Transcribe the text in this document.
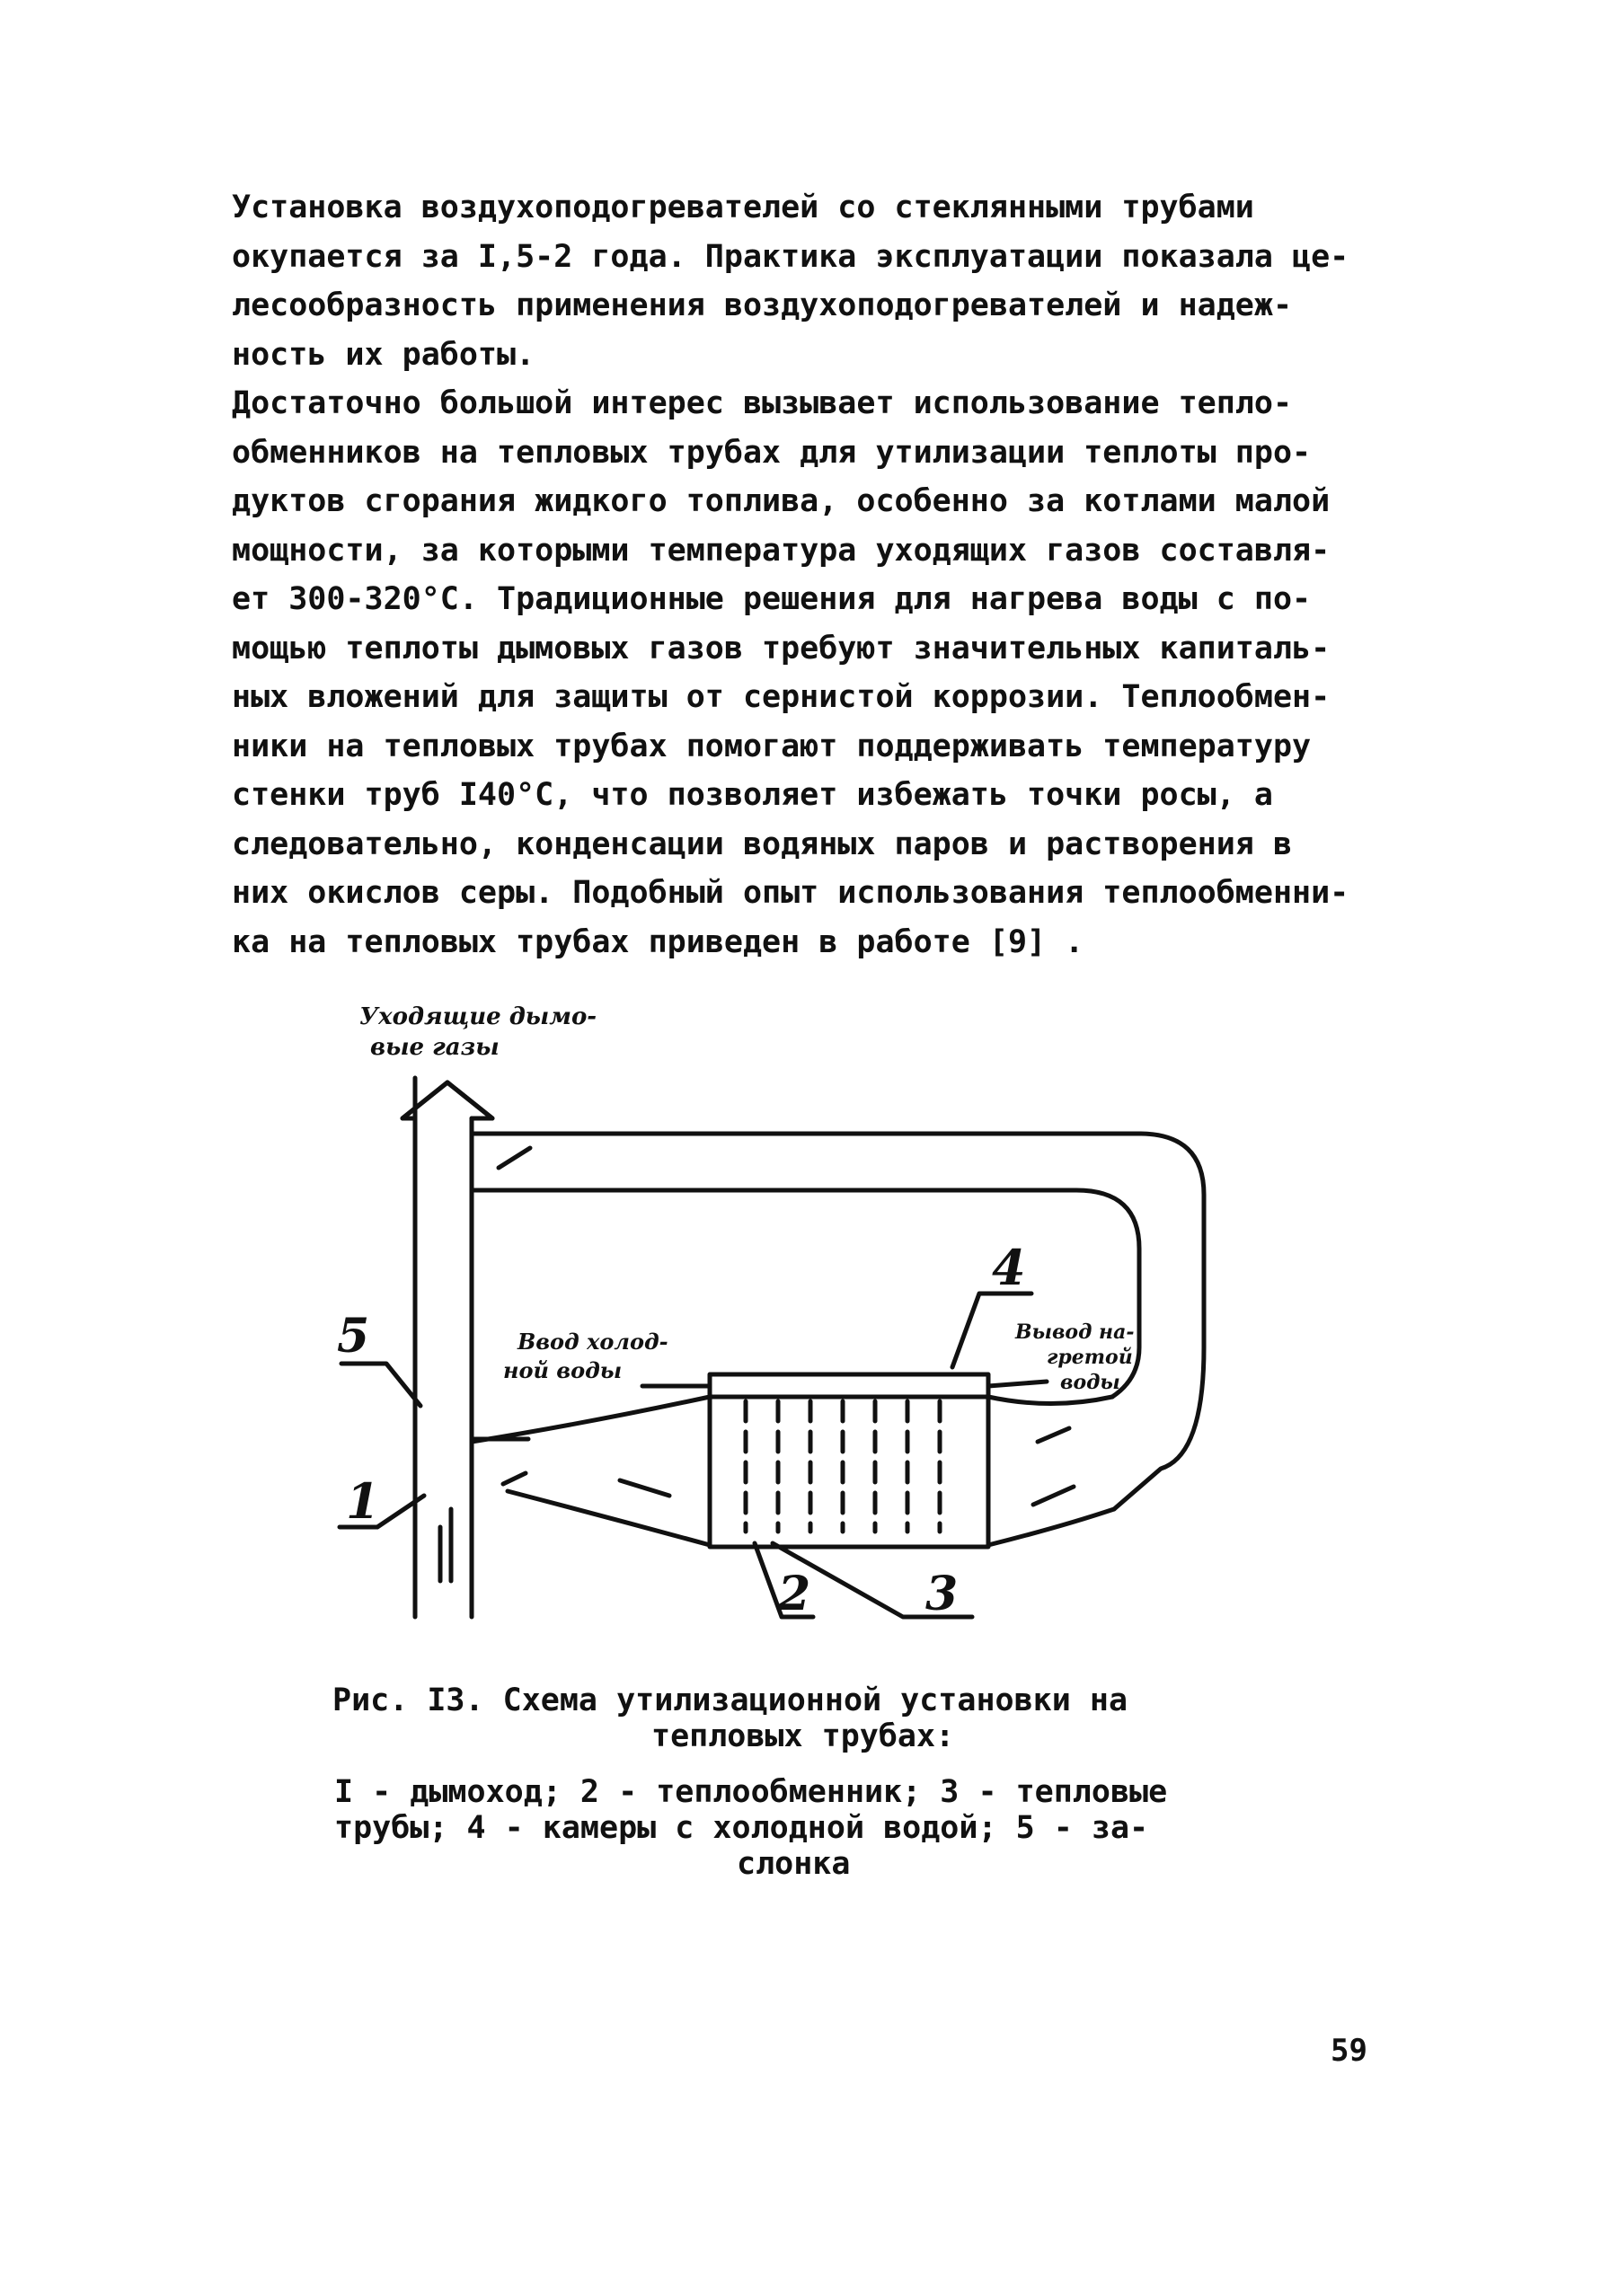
Установка воздухоподогревателей со стеклянными трубами
окупается за I,5-2 года. Практика эксплуатации показала це-
лесообразность применения воздухоподогревателей и надеж-
ность их работы.

Достаточно большой интерес вызывает использование тепло-
обменников на тепловых трубах для утилизации теплоты про-
дуктов сгорания жидкого топлива, особенно за котлами малой
мощности, за которыми температура уходящих газов составля-
ет 300-320°С. Традиционные решения для нагрева воды с по-
мощью теплоты дымовых газов требуют значительных капиталь-
ных вложений для защиты от сернистой коррозии. Теплообмен-
ники на тепловых трубах помогают поддерживать температуру
стенки труб I40°С, что позволяет избежать точки росы, а
следовательно, конденсации водяных паров и растворения в
них окислов серы. Подобный опыт использования теплообменни-
ка на тепловых трубах приведен в работе [9] .

Уходящие дымо- вые газы
Ввод холод- ной воды
Вывод на- гретой воды
5
1
2 3
4
Рис. I3. Схема утилизационной установки на

тепловых трубах:
I - дымоход; 2 - теплообменник; 3 - тепловые
трубы; 4 - камеры с холодной водой; 5 - за-

слонка
59
